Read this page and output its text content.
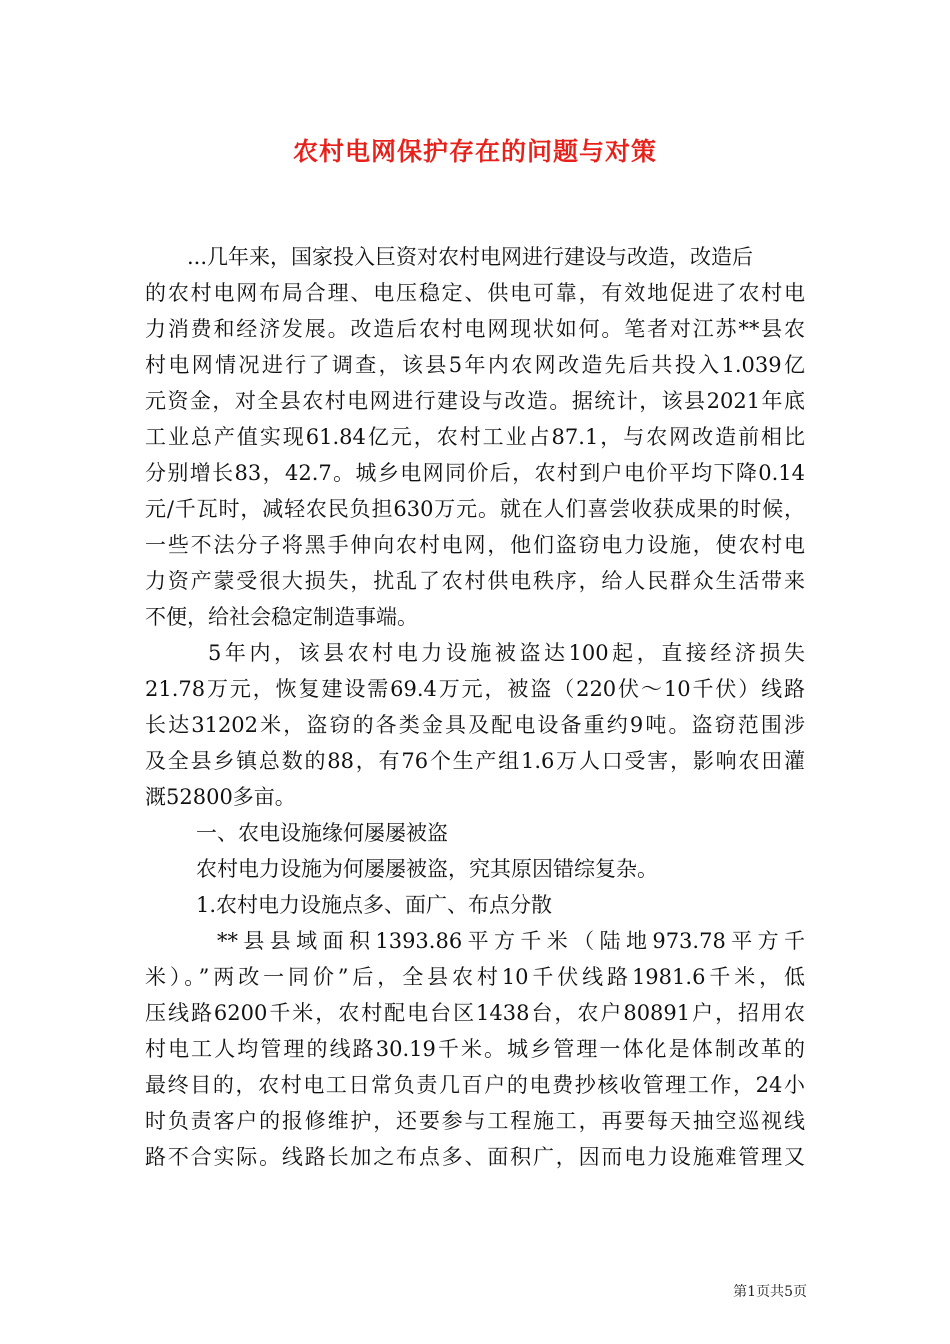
农村电网保护存在的问题与对策
...几年来，国家投入巨资对农村电网进行建设与改造，改造后
的农村电网布局合理、电压稳定、供电可靠，有效地促进了农村电
力消费和经济发展。改造后农村电网现状如何。笔者对江苏**县农
村电网情况进行了调查，该县5年内农网改造先后共投入1.039亿
元资金，对全县农村电网进行建设与改造。据统计，该县2021年底
工业总产值实现61.84亿元，农村工业占87.1，与农网改造前相比
分别增长83，42.7。城乡电网同价后，农村到户电价平均下降0.14
元/千瓦时，减轻农民负担630万元。就在人们喜尝收获成果的时候，
一些不法分子将黑手伸向农村电网，他们盗窃电力设施，使农村电
力资产蒙受很大损失，扰乱了农村供电秩序，给人民群众生活带来
不便，给社会稳定制造事端。
5年内，该县农村电力设施被盗达100起，直接经济损失
21.78万元，恢复建设需69.4万元，被盗（220伏～10千伏）线路
长达31202米，盗窃的各类金具及配电设备重约9吨。盗窃范围涉
及全县乡镇总数的88，有76个生产组1.6万人口受害，影响农田灌
溉52800多亩。
一、农电设施缘何屡屡被盗
农村电力设施为何屡屡被盗，究其原因错综复杂。
1.农村电力设施点多、面广、布点分散
**县县域面积1393.86平方千米（陆地973.78平方千
米）。”两改一同价”后，全县农村10千伏线路1981.6千米，低
压线路6200千米，农村配电台区1438台，农户80891户，招用农
村电工人均管理的线路30.19千米。城乡管理一体化是体制改革的
最终目的，农村电工日常负责几百户的电费抄核收管理工作，24小
时负责客户的报修维护，还要参与工程施工，再要每天抽空巡视线
路不合实际。线路长加之布点多、面积广，因而电力设施难管理又
第1页共5页
